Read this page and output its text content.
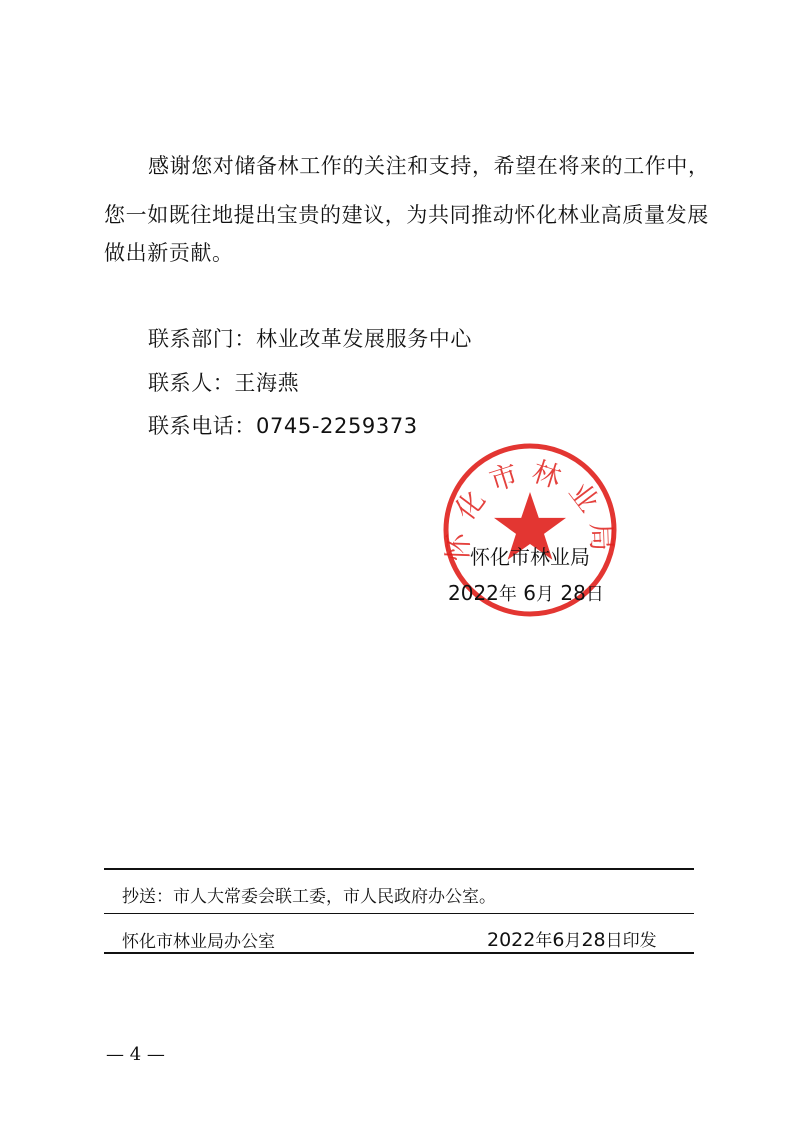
感谢您对储备林工作的关注和支持，希望在将来的工作中，
您一如既往地提出宝贵的建议，为共同推动怀化林业高质量发展
做出新贡献。
联系部门：林业改革发展服务中心
联系人：王海燕
联系电话：0745-2259373
怀化市林业局
怀化市林业局
2022年 6月 28日
抄送：市人大常委会联工委，市人民政府办公室。
怀化市林业局办公室	2022年6月28日印发
— 4 —
